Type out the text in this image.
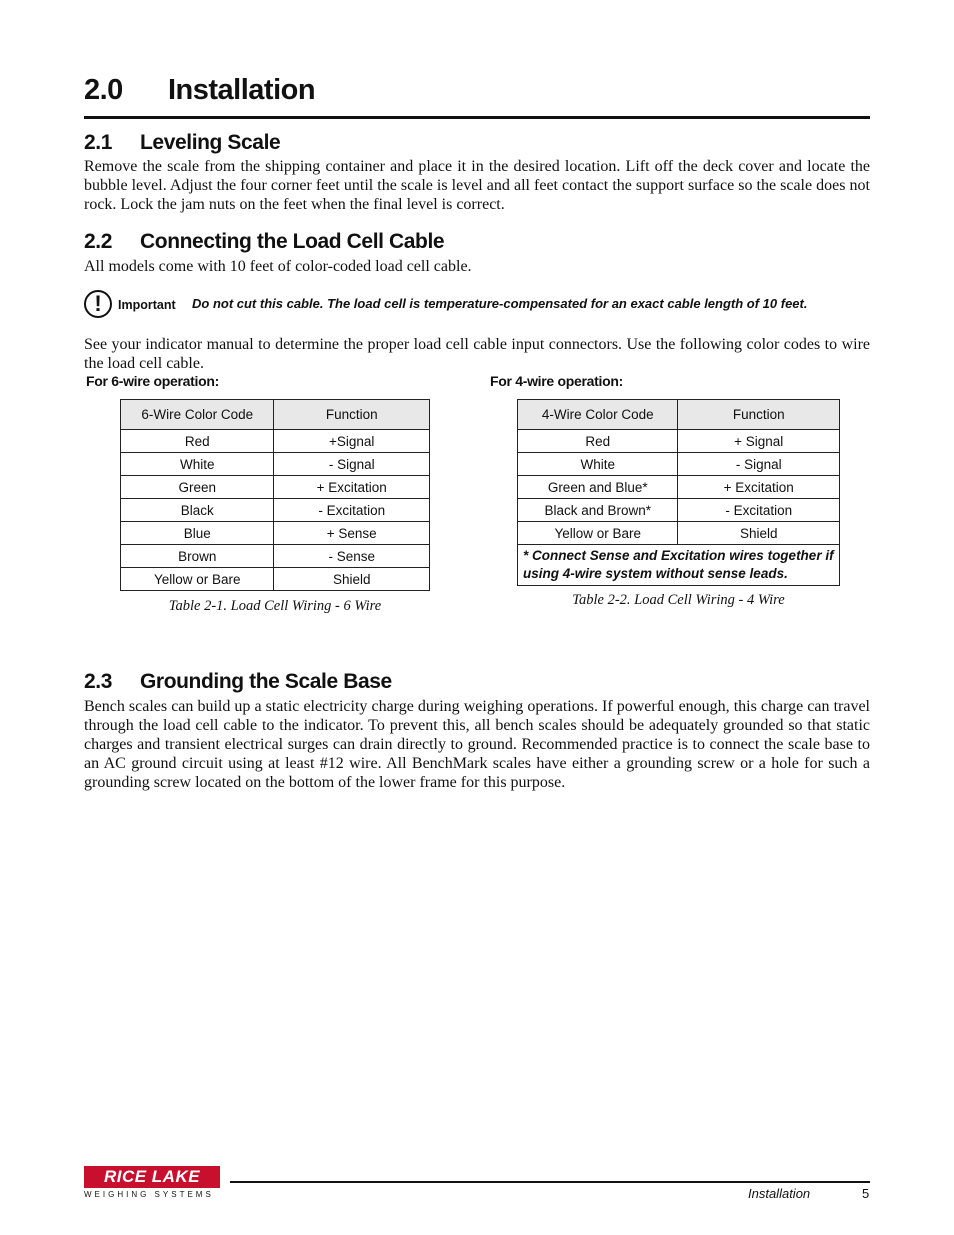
2.0 Installation
2.1 Leveling Scale
Remove the scale from the shipping container and place it in the desired location. Lift off the deck cover and locate the bubble level. Adjust the four corner feet until the scale is level and all feet contact the support surface so the scale does not rock. Lock the jam nuts on the feet when the final level is correct.
2.2 Connecting the Load Cell Cable
All models come with 10 feet of color-coded load cell cable.
!	Important Do not cut this cable. The load cell is temperature-compensated for an exact cable length of 10 feet.
See your indicator manual to determine the proper load cell cable input connectors. Use the following color codes to wire the load cell cable.
For 6-wire operation:	For 4-wire operation:
6-Wire Color Code	Function
Red	+Signal
White	- Signal
Green	+ Excitation
Black	- Excitation
Blue	+ Sense
Brown	- Sense
Yellow or Bare	Shield
Table 2-1. Load Cell Wiring - 6 Wire
4-Wire Color Code	Function
Red	+ Signal
White	- Signal
Green and Blue*	+ Excitation
Black and Brown*	- Excitation
Yellow or Bare	Shield
* Connect Sense and Excitation wires together if using 4-wire system without sense leads.	
Table 2-2. Load Cell Wiring - 4 Wire
2.3 Grounding the Scale Base
Bench scales can build up a static electricity charge during weighing operations. If powerful enough, this charge can travel through the load cell cable to the indicator. To prevent this, all bench scales should be adequately grounded so that static charges and transient electrical surges can drain directly to ground. Recommended practice is to connect the scale base to an AC ground circuit using at least #12 wire. All BenchMark scales have either a grounding screw or a hole for such a grounding screw located on the bottom of the lower frame for this purpose.
RICE LAKE
WEIGHING SYSTEMS	Installation	5
